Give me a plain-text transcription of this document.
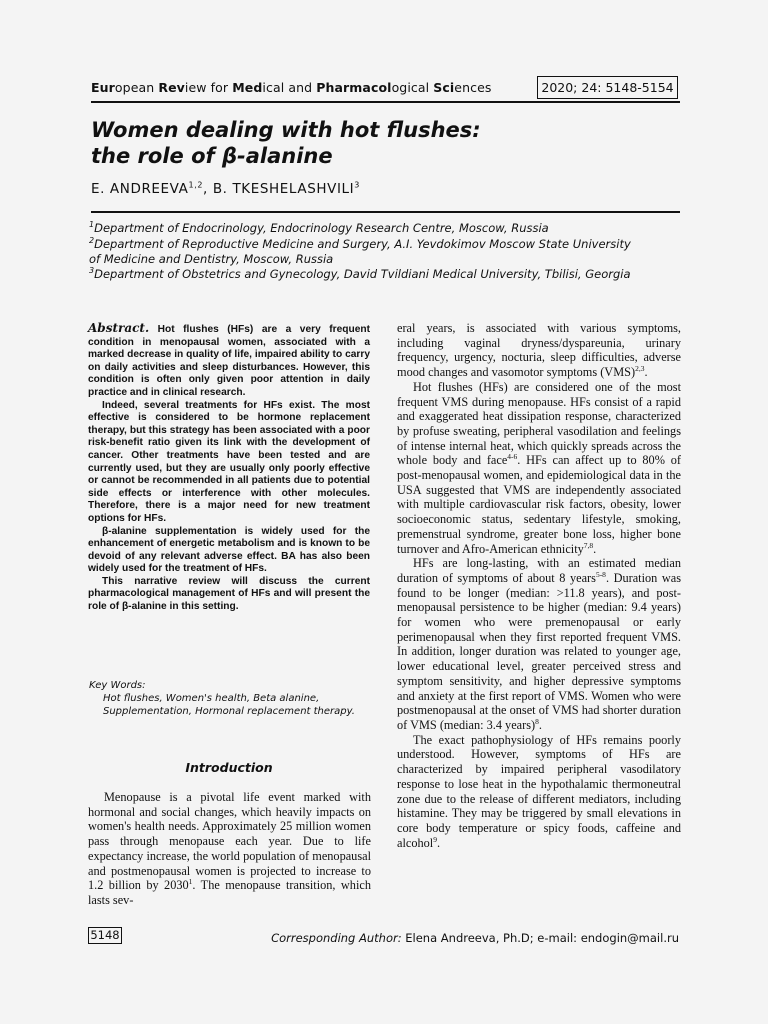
European Review for Medical and Pharmacological Sciences	2020; 24: 5148-5154
Women dealing with hot flushes:
the role of β-alanine
E. ANDREEVA$^{1,2}$, B. TKESHELASHVILI$^3$
$^1$Department of Endocrinology, Endocrinology Research Centre, Moscow, Russia
$^2$Department of Reproductive Medicine and Surgery, A.I. Yevdokimov Moscow State University
of Medicine and Dentistry, Moscow, Russia
$^3$Department of Obstetrics and Gynecology, David Tvildiani Medical University, Tbilisi, Georgia

Abstract. Hot flushes (HFs) are a very frequent condition in menopausal women, associated with a marked decrease in quality of life, impaired ability to carry on daily activities and sleep disturbances. However, this condition is often only given poor attention in daily practice and in clinical research.

Indeed, several treatments for HFs exist. The most effective is considered to be hormone replacement therapy, but this strategy has been associated with a poor risk-benefit ratio given its link with the development of cancer. Other treatments have been tested and are currently used, but they are usually only poorly effective or cannot be recommended in all patients due to potential side effects or interference with other molecules. Therefore, there is a major need for new treatment options for HFs.

β-alanine supplementation is widely used for the enhancement of energetic metabolism and is known to be devoid of any relevant adverse effect. BA has also been widely used for the treatment of HFs.

This narrative review will discuss the current pharmacological management of HFs and will present the role of β-alanine in this setting.

Key Words:
Hot flushes, Women's health, Beta alanine, Supplementation, Hormonal replacement therapy.
Introduction

Menopause is a pivotal life event marked with hormonal and social changes, which heavily impacts on women's health needs. Approximately 25 million women pass through menopause each year. Due to life expectancy increase, the world population of menopausal and postmenopausal women is projected to increase to 1.2 billion by 2030$^1$. The menopause transition, which lasts sev-

eral years, is associated with various symptoms, including vaginal dryness/dyspareunia, urinary frequency, urgency, nocturia, sleep difficulties, adverse mood changes and vasomotor symptoms (VMS)$^{2,3}$.

Hot flushes (HFs) are considered one of the most frequent VMS during menopause. HFs consist of a rapid and exaggerated heat dissipation response, characterized by profuse sweating, peripheral vasodilation and feelings of intense internal heat, which quickly spreads across the whole body and face$^{4-6}$. HFs can affect up to 80% of post-menopausal women, and epidemiological data in the USA suggested that VMS are independently associated with multiple cardiovascular risk factors, obesity, lower socioeconomic status, sedentary lifestyle, smoking, premenstrual syndrome, greater bone loss, higher bone turnover and Afro-American ethnicity$^{7,8}$.

HFs are long-lasting, with an estimated median duration of symptoms of about 8 years$^{5-8}$. Duration was found to be longer (median: >11.8 years), and post-menopausal persistence to be higher (median: 9.4 years) for women who were premenopausal or early perimenopausal when they first reported frequent VMS. In addition, longer duration was related to younger age, lower educational level, greater perceived stress and symptom sensitivity, and higher depressive symptoms and anxiety at the first report of VMS. Women who were postmenopausal at the onset of VMS had shorter duration of VMS (median: 3.4 years)$^8$.

The exact pathophysiology of HFs remains poorly understood. However, symptoms of HFs are characterized by impaired peripheral vasodilatory response to lose heat in the hypothalamic thermoneutral zone due to the release of different mediators, including histamine. They may be triggered by small elevations in core body temperature or spicy foods, caffeine and alcohol$^9$.

5148	Corresponding Author: Elena Andreeva, Ph.D; e-mail: endogin@mail.ru
